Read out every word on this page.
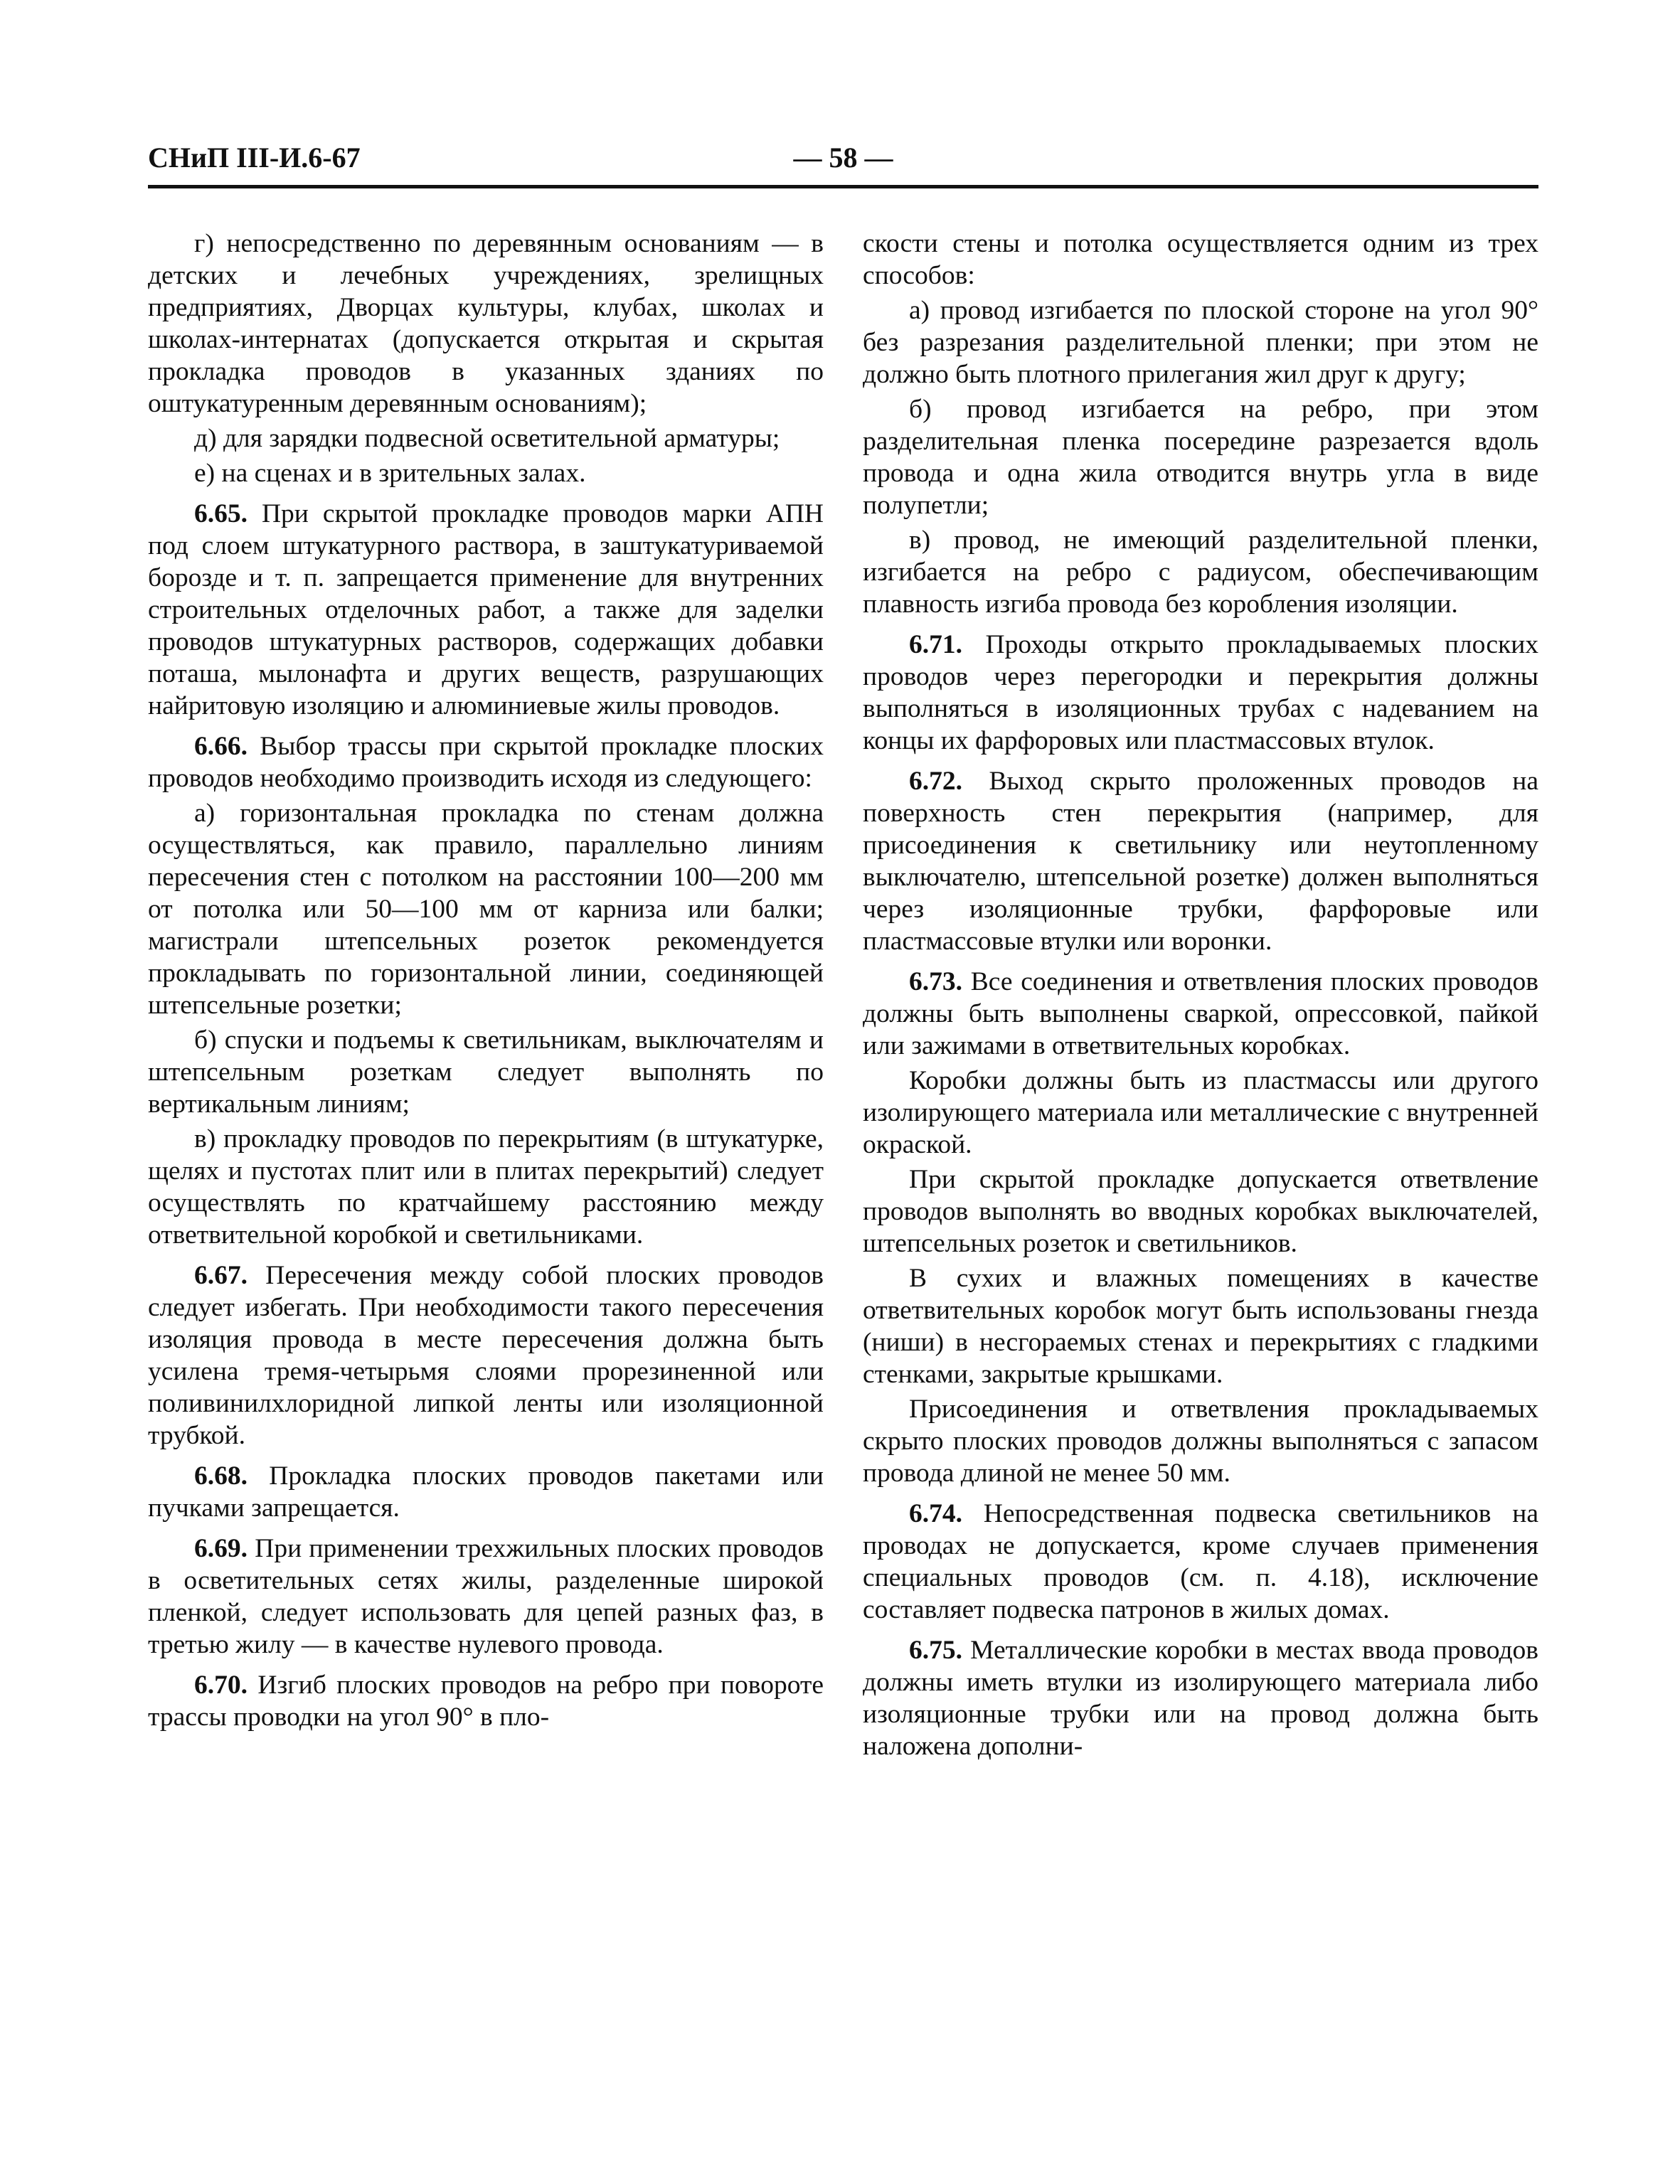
СНиП III-И.6-67	— 58 —

г) непосредственно по деревянным основаниям — в детских и лечебных учреждениях, зрелищных предприятиях, Дворцах культуры, клубах, школах и школах-интернатах (допускается открытая и скрытая прокладка проводов в указанных зданиях по оштукатуренным деревянным основаниям);

д) для зарядки подвесной осветительной арматуры;

е) на сценах и в зрительных залах.

6.65. При скрытой прокладке проводов марки АПН под слоем штукатурного раствора, в заштукатуриваемой борозде и т. п. запрещается применение для внутренних строительных отделочных работ, а также для заделки проводов штукатурных растворов, содержащих добавки поташа, мылонафта и других веществ, разрушающих найритовую изоляцию и алюминиевые жилы проводов.

6.66. Выбор трассы при скрытой прокладке плоских проводов необходимо производить исходя из следующего:

а) горизонтальная прокладка по стенам должна осуществляться, как правило, параллельно линиям пересечения стен с потолком на расстоянии 100—200 мм от потолка или 50—100 мм от карниза или балки; магистрали штепсельных розеток рекомендуется прокладывать по горизонтальной линии, соединяющей штепсельные розетки;

б) спуски и подъемы к светильникам, выключателям и штепсельным розеткам следует выполнять по вертикальным линиям;

в) прокладку проводов по перекрытиям (в штукатурке, щелях и пустотах плит или в плитах перекрытий) следует осуществлять по кратчайшему расстоянию между ответвительной коробкой и светильниками.

6.67. Пересечения между собой плоских проводов следует избегать. При необходимости такого пересечения изоляция провода в месте пересечения должна быть усилена тремя-четырьмя слоями прорезиненной или поливинилхлоридной липкой ленты или изоляционной трубкой.

6.68. Прокладка плоских проводов пакетами или пучками запрещается.

6.69. При применении трехжильных плоских проводов в осветительных сетях жилы, разделенные широкой пленкой, следует использовать для цепей разных фаз, в третью жилу — в качестве нулевого провода.

6.70. Изгиб плоских проводов на ребро при повороте трассы проводки на угол 90° в пло-

скости стены и потолка осуществляется одним из трех способов:

а) провод изгибается по плоской стороне на угол 90° без разрезания разделительной пленки; при этом не должно быть плотного прилегания жил друг к другу;

б) провод изгибается на ребро, при этом разделительная пленка посередине разрезается вдоль провода и одна жила отводится внутрь угла в виде полупетли;

в) провод, не имеющий разделительной пленки, изгибается на ребро с радиусом, обеспечивающим плавность изгиба провода без коробления изоляции.

6.71. Проходы открыто прокладываемых плоских проводов через перегородки и перекрытия должны выполняться в изоляционных трубах с надеванием на концы их фарфоровых или пластмассовых втулок.

6.72. Выход скрыто проложенных проводов на поверхность стен перекрытия (например, для присоединения к светильнику или неутопленному выключателю, штепсельной розетке) должен выполняться через изоляционные трубки, фарфоровые или пластмассовые втулки или воронки.

6.73. Все соединения и ответвления плоских проводов должны быть выполнены сваркой, опрессовкой, пайкой или зажимами в ответвительных коробках.

Коробки должны быть из пластмассы или другого изолирующего материала или металлические с внутренней окраской.

При скрытой прокладке допускается ответвление проводов выполнять во вводных коробках выключателей, штепсельных розеток и светильников.

В сухих и влажных помещениях в качестве ответвительных коробок могут быть использованы гнезда (ниши) в несгораемых стенах и перекрытиях с гладкими стенками, закрытые крышками.

Присоединения и ответвления прокладываемых скрыто плоских проводов должны выполняться с запасом провода длиной не менее 50 мм.

6.74. Непосредственная подвеска светильников на проводах не допускается, кроме случаев применения специальных проводов (см. п. 4.18), исключение составляет подвеска патронов в жилых домах.

6.75. Металлические коробки в местах ввода проводов должны иметь втулки из изолирующего материала либо изоляционные трубки или на провод должна быть наложена дополни-
